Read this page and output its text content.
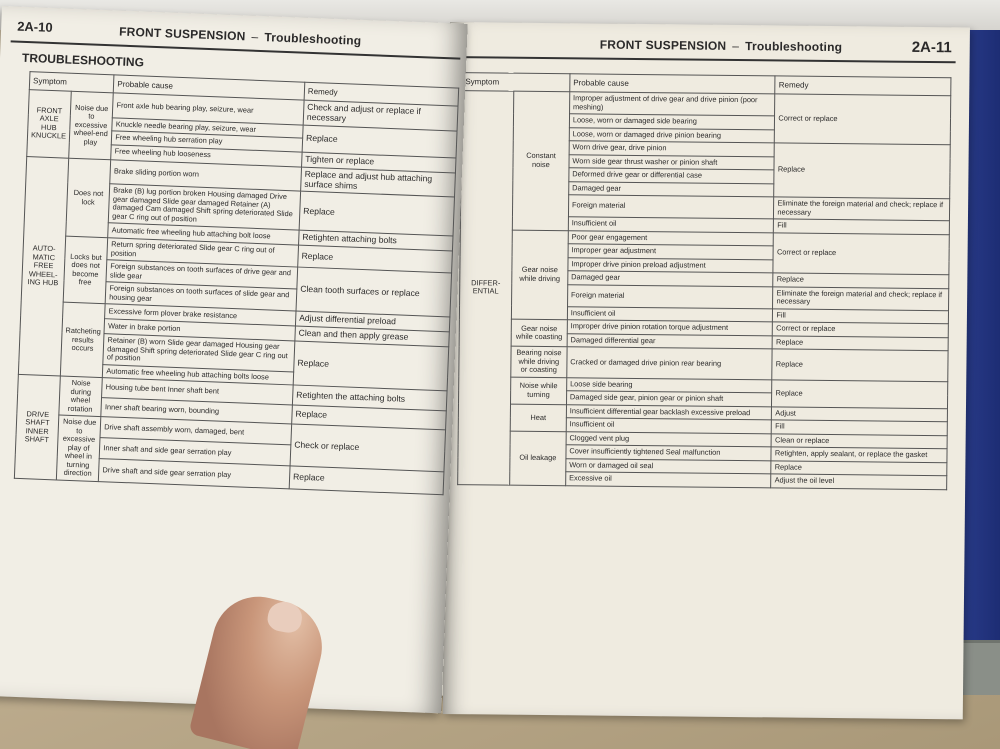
FRONT SUSPENSION – Troubleshooting	2A-11
Symptom		Probable cause	Remedy
DIFFER-ENTIAL	Constant noise	Improper adjustment of drive gear and drive pinion (poor meshing)	Correct or replace
		Loose, worn or damaged side bearing	
		Loose, worn or damaged drive pinion bearing	
		Worn drive gear, drive pinion	Replace
		Worn side gear thrust washer or pinion shaft	
		Deformed drive gear or differential case	
		Damaged gear	
		Foreign material	Eliminate the foreign material and check; replace if necessary
		Insufficient oil	Fill
	Gear noise while driving	Poor gear engagement	Correct or replace
		Improper gear adjustment	
		Improper drive pinion preload adjustment	
		Damaged gear	Replace
		Foreign material	Eliminate the foreign material and check; replace if necessary
		Insufficient oil	Fill
	Gear noise while coasting	Improper drive pinion rotation torque adjustment	Correct or replace
		Damaged differential gear	Replace
	Bearing noise while driving or coasting	Cracked or damaged drive pinion rear bearing	Replace
	Noise while turning	Loose side bearing	Replace
		Damaged side gear, pinion gear or pinion shaft	
	Heat	Insufficient differential gear backlash excessive preload	Adjust
		Insufficient oil	Fill
	Oil leakage	Clogged vent plug	Clean or replace
		Cover insufficiently tightened Seal malfunction	Retighten, apply sealant, or replace the gasket
		Worn or damaged oil seal	Replace
		Excessive oil	Adjust the oil level
2A-10	FRONT SUSPENSION – Troubleshooting
TROUBLESHOOTING
Symptom		Probable cause	Remedy
FRONT AXLE HUB KNUCKLE	Noise due to excessive wheel-end play	Front axle hub bearing play, seizure, wear	Check and adjust or replace if necessary
		Knuckle needle bearing play, seizure, wear	Replace
		Free wheeling hub serration play	
		Free wheeling hub looseness	Tighten or replace
AUTO-MATIC FREE WHEEL-ING HUB	Does not lock	Brake sliding portion worn	Replace and adjust hub attaching surface shims
		Brake (B) lug portion broken Housing damaged Drive gear damaged Slide gear damaged Retainer (A) damaged Cam damaged Shift spring deteriorated Slide gear C ring out of position	Replace
		Automatic free wheeling hub attaching bolt loose	Retighten attaching bolts
	Locks but does not become free	Return spring deteriorated Slide gear C ring out of position	Replace
		Foreign substances on tooth surfaces of drive gear and slide gear	Clean tooth surfaces or replace
		Foreign substances on tooth surfaces of slide gear and housing gear	
	Ratcheting results occurs	Excessive form plover brake resistance	Adjust differential preload
		Water in brake portion	Clean and then apply grease
		Retainer (B) worn Slide gear damaged Housing gear damaged Shift spring deteriorated Slide gear C ring out of position	Replace
		Automatic free wheeling hub attaching bolts loose	
DRIVE SHAFT INNER SHAFT	Noise during wheel rotation	Housing tube bent Inner shaft bent	Retighten the attaching bolts
		Inner shaft bearing worn, bounding	Replace
	Noise due to excessive play of wheel in turning direction	Drive shaft assembly worn, damaged, bent	Check or replace
		Inner shaft and side gear serration play	
		Drive shaft and side gear serration play	Replace
